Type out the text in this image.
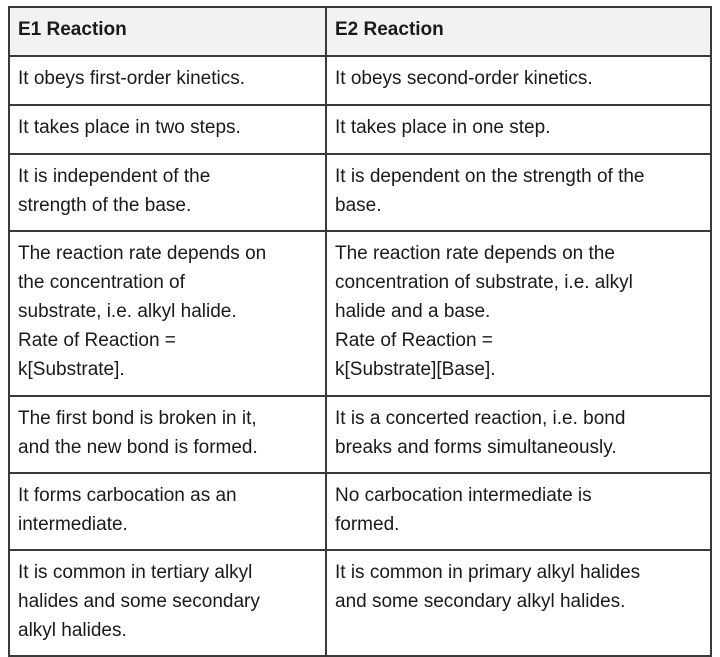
E1 Reaction	E2 Reaction

It obeys first-order kinetics.	It obeys second-order kinetics.

It takes place in two steps.	It takes place in one step.

It is independent of the
strength of the base.	It is dependent on the strength of the
base.

The reaction rate depends on
the concentration of
substrate, i.e. alkyl halide.
Rate of Reaction =
k[Substrate].	The reaction rate depends on the
concentration of substrate, i.e. alkyl
halide and a base.
Rate of Reaction =
k[Substrate][Base].

The first bond is broken in it,
and the new bond is formed.	It is a concerted reaction, i.e. bond
breaks and forms simultaneously.

It forms carbocation as an
intermediate.	No carbocation intermediate is
formed.

It is common in tertiary alkyl
halides and some secondary
alkyl halides.	It is common in primary alkyl halides
and some secondary alkyl halides.
